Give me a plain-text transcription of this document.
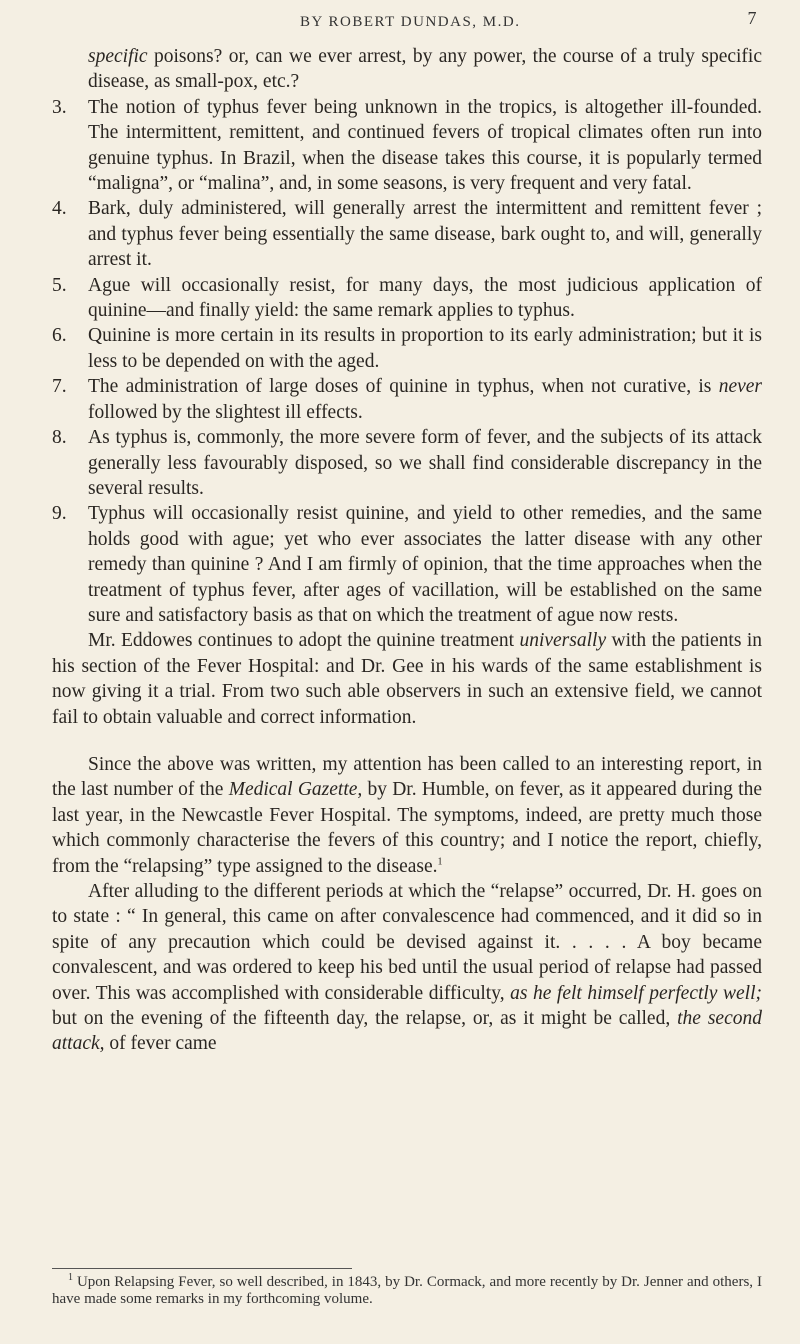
BY ROBERT DUNDAS, M.D.	7
specific poisons? or, can we ever arrest, by any power, the course of a truly specific disease, as small-pox, etc.?
3. The notion of typhus fever being unknown in the tropics, is altogether ill-founded. The intermittent, remittent, and continued fevers of tropical climates often run into genuine typhus. In Brazil, when the disease takes this course, it is popularly termed “maligna”, or “malina”, and, in some seasons, is very frequent and very fatal.
4. Bark, duly administered, will generally arrest the intermittent and remittent fever ; and typhus fever being essentially the same disease, bark ought to, and will, generally arrest it.
5. Ague will occasionally resist, for many days, the most judicious application of quinine—and finally yield: the same remark applies to typhus.
6. Quinine is more certain in its results in proportion to its early administration; but it is less to be depended on with the aged.
7. The administration of large doses of quinine in typhus, when not curative, is never followed by the slightest ill effects.
8. As typhus is, commonly, the more severe form of fever, and the subjects of its attack generally less favourably disposed, so we shall find considerable discrepancy in the several results.
9. Typhus will occasionally resist quinine, and yield to other remedies, and the same holds good with ague; yet who ever associates the latter disease with any other remedy than quinine ? And I am firmly of opinion, that the time approaches when the treatment of typhus fever, after ages of vacillation, will be established on the same sure and satisfactory basis as that on which the treatment of ague now rests.
Mr. Eddowes continues to adopt the quinine treatment universally with the patients in his section of the Fever Hospital: and Dr. Gee in his wards of the same establishment is now giving it a trial. From two such able observers in such an extensive field, we cannot fail to obtain valuable and correct information.
Since the above was written, my attention has been called to an interesting report, in the last number of the Medical Gazette, by Dr. Humble, on fever, as it appeared during the last year, in the Newcastle Fever Hospital. The symptoms, indeed, are pretty much those which commonly characterise the fevers of this country; and I notice the report, chiefly, from the “relapsing” type assigned to the disease.$^1$
After alluding to the different periods at which the “relapse” occurred, Dr. H. goes on to state : “ In general, this came on after convalescence had commenced, and it did so in spite of any precaution which could be devised against it. . . . . A boy became convalescent, and was ordered to keep his bed until the usual period of relapse had passed over. This was accomplished with considerable difficulty, as he felt himself perfectly well; but on the evening of the fifteenth day, the relapse, or, as it might be called, the second attack, of fever came
$^1$ Upon Relapsing Fever, so well described, in 1843, by Dr. Cormack, and more recently by Dr. Jenner and others, I have made some remarks in my forthcoming volume.
